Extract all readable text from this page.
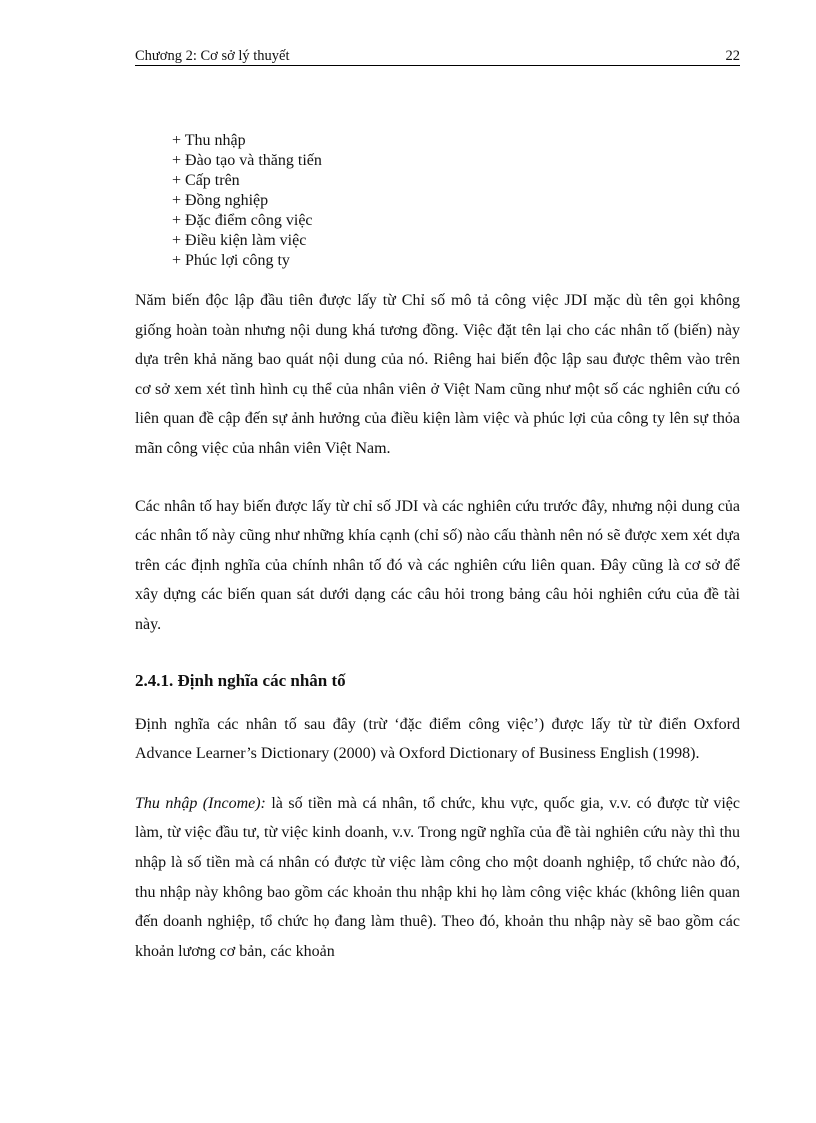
Chương 2: Cơ sở lý thuyết	22
+ Thu nhập
+ Đào tạo và thăng tiến
+ Cấp trên
+ Đồng nghiệp
+ Đặc điểm công việc
+ Điều kiện làm việc
+ Phúc lợi công ty

Năm biến độc lập đầu tiên được lấy từ Chỉ số mô tả công việc JDI mặc dù tên gọi không giống hoàn toàn nhưng nội dung khá tương đồng. Việc đặt tên lại cho các nhân tố (biến) này dựa trên khả năng bao quát nội dung của nó. Riêng hai biến độc lập sau được thêm vào trên cơ sở xem xét tình hình cụ thể của nhân viên ở Việt Nam cũng như một số các nghiên cứu có liên quan đề cập đến sự ảnh hưởng của điều kiện làm việc và phúc lợi của công ty lên sự thỏa mãn công việc của nhân viên Việt Nam.

Các nhân tố hay biến được lấy từ chỉ số JDI và các nghiên cứu trước đây, nhưng nội dung của các nhân tố này cũng như những khía cạnh (chỉ số) nào cấu thành nên nó sẽ được xem xét dựa trên các định nghĩa của chính nhân tố đó và các nghiên cứu liên quan. Đây cũng là cơ sở để xây dựng các biến quan sát dưới dạng các câu hỏi trong bảng câu hỏi nghiên cứu của đề tài này.

2.4.1. Định nghĩa các nhân tố

Định nghĩa các nhân tố sau đây (trừ ‘đặc điểm công việc’) được lấy từ từ điển Oxford Advance Learner’s Dictionary (2000) và Oxford Dictionary of Business English (1998).

Thu nhập (Income): là số tiền mà cá nhân, tổ chức, khu vực, quốc gia, v.v. có được từ việc làm, từ việc đầu tư, từ việc kinh doanh, v.v. Trong ngữ nghĩa của đề tài nghiên cứu này thì thu nhập là số tiền mà cá nhân có được từ việc làm công cho một doanh nghiệp, tổ chức nào đó, thu nhập này không bao gồm các khoản thu nhập khi họ làm công việc khác (không liên quan đến doanh nghiệp, tổ chức họ đang làm thuê). Theo đó, khoản thu nhập này sẽ bao gồm các khoản lương cơ bản, các khoản
